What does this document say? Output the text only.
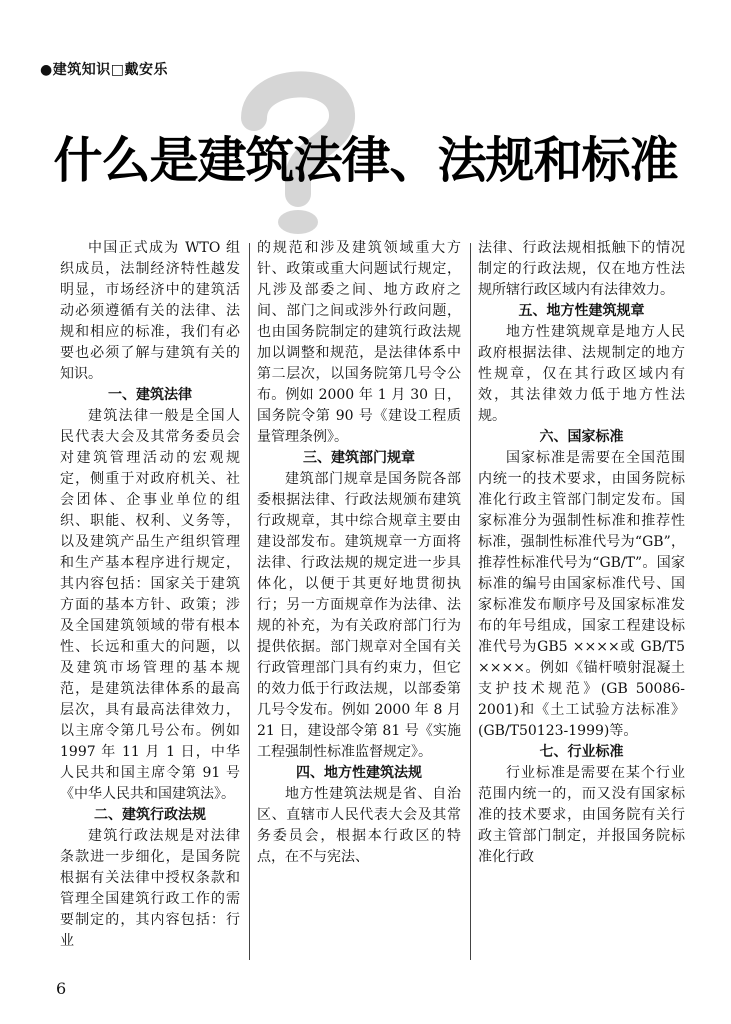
●建筑知识□戴安乐
什么是建筑法律、法规和标准

中国正式成为 WTO 组织成员，法制经济特性越发明显，市场经济中的建筑活动必须遵循有关的法律、法规和相应的标准，我们有必要也必须了解与建筑有关的知识。

一、建筑法律

建筑法律一般是全国人民代表大会及其常务委员会对建筑管理活动的宏观规定，侧重于对政府机关、社会团体、企事业单位的组织、职能、权利、义务等，以及建筑产品生产组织管理和生产基本程序进行规定，其内容包括：国家关于建筑方面的基本方针、政策；涉及全国建筑领域的带有根本性、长远和重大的问题，以及建筑市场管理的基本规范，是建筑法律体系的最高层次，具有最高法律效力，以主席令第几号公布。例如 1997 年 11 月 1 日，中华人民共和国主席令第 91 号《中华人民共和国建筑法》。

二、建筑行政法规

建筑行政法规是对法律条款进一步细化，是国务院根据有关法律中授权条款和管理全国建筑行政工作的需要制定的，其内容包括：行业

的规范和涉及建筑领域重大方针、政策或重大问题试行规定，凡涉及部委之间、地方政府之间、部门之间或涉外行政问题，也由国务院制定的建筑行政法规加以调整和规范，是法律体系中第二层次，以国务院第几号令公布。例如 2000 年 1 月 30 日，国务院令第 90 号《建设工程质量管理条例》。

三、建筑部门规章

建筑部门规章是国务院各部委根据法律、行政法规颁布建筑行政规章，其中综合规章主要由建设部发布。建筑规章一方面将法律、行政法规的规定进一步具体化，以便于其更好地贯彻执行；另一方面规章作为法律、法规的补充，为有关政府部门行为提供依据。部门规章对全国有关行政管理部门具有约束力，但它的效力低于行政法规，以部委第几号令发布。例如 2000 年 8 月 21 日，建设部令第 81 号《实施工程强制性标准监督规定》。

四、地方性建筑法规

地方性建筑法规是省、自治区、直辖市人民代表大会及其常务委员会，根据本行政区的特点，在不与宪法、

法律、行政法规相抵触下的情况制定的行政法规，仅在地方性法规所辖行政区域内有法律效力。

五、地方性建筑规章

地方性建筑规章是地方人民政府根据法律、法规制定的地方性规章，仅在其行政区域内有效，其法律效力低于地方性法规。

六、国家标准

国家标准是需要在全国范围内统一的技术要求，由国务院标准化行政主管部门制定发布。国家标准分为强制性标准和推荐性标准，强制性标准代号为“GB”，推荐性标准代号为“GB/T”。国家标准的编号由国家标准代号、国家标准发布顺序号及国家标准发布的年号组成，国家工程建设标准代号为GB5 ××××或 GB/T5 ××××。例如《锚杆喷射混凝土支护技术规范》(GB 50086-2001)和《土工试验方法标准》(GB/T50123-1999)等。

七、行业标准

行业标准是需要在某个行业范围内统一的，而又没有国家标准的技术要求，由国务院有关行政主管部门制定，并报国务院标准化行政

6
